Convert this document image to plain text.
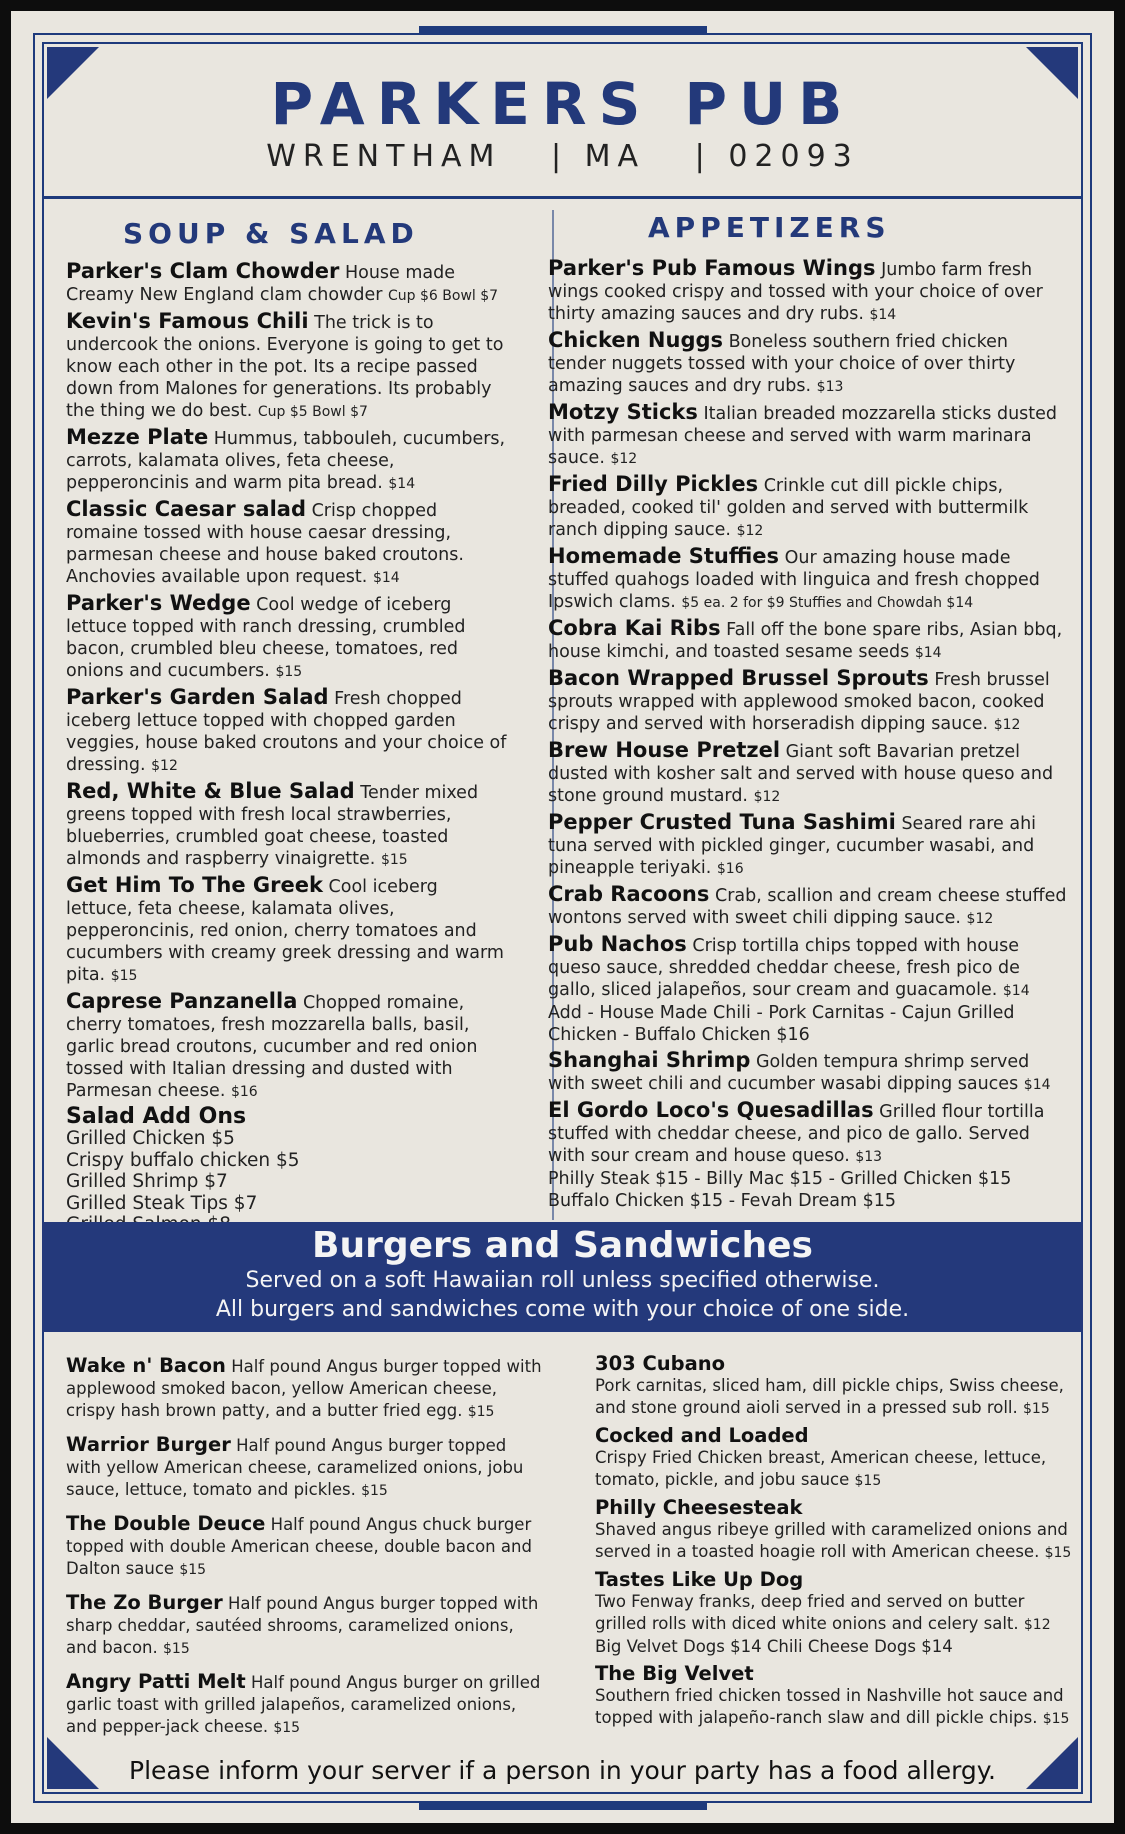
PARKERS PUB
WRENTHAM   | MA   | 02093
SOUP & SALAD	APPETIZERS
Parker's Clam Chowder House made Creamy New England clam chowder Cup $6 Bowl $7
Kevin's Famous Chili The trick is to undercook the onions. Everyone is going to get to know each other in the pot. Its a recipe passed down from Malones for generations. Its probably the thing we do best. Cup $5 Bowl $7
Mezze Plate Hummus, tabbouleh, cucumbers, carrots, kalamata olives, feta cheese, pepperoncinis and warm pita bread. $14
Classic Caesar salad Crisp chopped romaine tossed with house caesar dressing, parmesan cheese and house baked croutons. Anchovies available upon request. $14
Parker's Wedge Cool wedge of iceberg lettuce topped with ranch dressing, crumbled bacon, crumbled bleu cheese, tomatoes, red onions and cucumbers. $15
Parker's Garden Salad Fresh chopped iceberg lettuce topped with chopped garden veggies, house baked croutons and your choice of dressing. $12
Red, White & Blue Salad Tender mixed greens topped with fresh local strawberries, blueberries, crumbled goat cheese, toasted almonds and raspberry vinaigrette. $15
Get Him To The Greek Cool iceberg lettuce, feta cheese, kalamata olives, pepperoncinis, red onion, cherry tomatoes and cucumbers with creamy greek dressing and warm pita. $15
Caprese Panzanella Chopped romaine, cherry tomatoes, fresh mozzarella balls, basil, garlic bread croutons, cucumber and red onion tossed with Italian dressing and dusted with Parmesan cheese. $16
Salad Add Ons
Grilled Chicken $5
Crispy buffalo chicken $5
Grilled Shrimp $7
Grilled Steak Tips $7
Parker's Pub Famous Wings Jumbo farm fresh wings cooked crispy and tossed with your choice of over thirty amazing sauces and dry rubs. $14
Chicken Nuggs Boneless southern fried chicken tender nuggets tossed with your choice of over thirty amazing sauces and dry rubs. $13
Motzy Sticks Italian breaded mozzarella sticks dusted with parmesan cheese and served with warm marinara sauce. $12
Fried Dilly Pickles Crinkle cut dill pickle chips, breaded, cooked til' golden and served with buttermilk ranch dipping sauce. $12
Homemade Stuffies Our amazing house made stuffed quahogs loaded with linguica and fresh chopped Ipswich clams. $5 ea. 2 for $9 Stuffies and Chowdah $14
Cobra Kai Ribs Fall off the bone spare ribs, Asian bbq, house kimchi, and toasted sesame seeds $14
Bacon Wrapped Brussel Sprouts Fresh brussel sprouts wrapped with applewood smoked bacon, cooked crispy and served with horseradish dipping sauce. $12
Brew House Pretzel Giant soft Bavarian pretzel dusted with kosher salt and served with house queso and stone ground mustard. $12
Pepper Crusted Tuna Sashimi Seared rare ahi tuna served with pickled ginger, cucumber wasabi, and pineapple teriyaki. $16
Crab Racoons Crab, scallion and cream cheese stuffed wontons served with sweet chili dipping sauce. $12
Pub Nachos Crisp tortilla chips topped with house queso sauce, shredded cheddar cheese, fresh pico de gallo, sliced jalapeños, sour cream and guacamole. $14
Add - House Made Chili - Pork Carnitas - Cajun Grilled Chicken - Buffalo Chicken $16
Shanghai Shrimp Golden tempura shrimp served with sweet chili and cucumber wasabi dipping sauces $14
El Gordo Loco's Quesadillas Grilled flour tortilla stuffed with cheddar cheese, and pico de gallo. Served with sour cream and house queso. $13
Philly Steak $15 - Billy Mac $15 - Grilled Chicken $15 Buffalo Chicken $15 - Fevah Dream $15
Burgers and Sandwiches
Served on a soft Hawaiian roll unless specified otherwise.
All burgers and sandwiches come with your choice of one side.
Wake n' Bacon Half pound Angus burger topped with applewood smoked bacon, yellow American cheese, crispy hash brown patty, and a butter fried egg. $15
Warrior Burger Half pound Angus burger topped with yellow American cheese, caramelized onions, jobu sauce, lettuce, tomato and pickles. $15
The Double Deuce Half pound Angus chuck burger topped with double American cheese, double bacon and Dalton sauce $15
The Zo Burger Half pound Angus burger topped with sharp cheddar, sautéed shrooms, caramelized onions, and bacon. $15
Angry Patti Melt Half pound Angus burger on grilled garlic toast with grilled jalapeños, caramelized onions, and pepper-jack cheese. $15
303 Cubano
Pork carnitas, sliced ham, dill pickle chips, Swiss cheese, and stone ground aioli served in a pressed sub roll. $15
Cocked and Loaded
Crispy Fried Chicken breast, American cheese, lettuce, tomato, pickle, and jobu sauce $15
Philly Cheesesteak
Shaved angus ribeye grilled with caramelized onions and served in a toasted hoagie roll with American cheese. $15
Tastes Like Up Dog
Two Fenway franks, deep fried and served on butter grilled rolls with diced white onions and celery salt. $12
Big Velvet Dogs $14 Chili Cheese Dogs $14
The Big Velvet
Southern fried chicken tossed in Nashville hot sauce and topped with jalapeño-ranch slaw and dill pickle chips. $15
Please inform your server if a person in your party has a food allergy.
